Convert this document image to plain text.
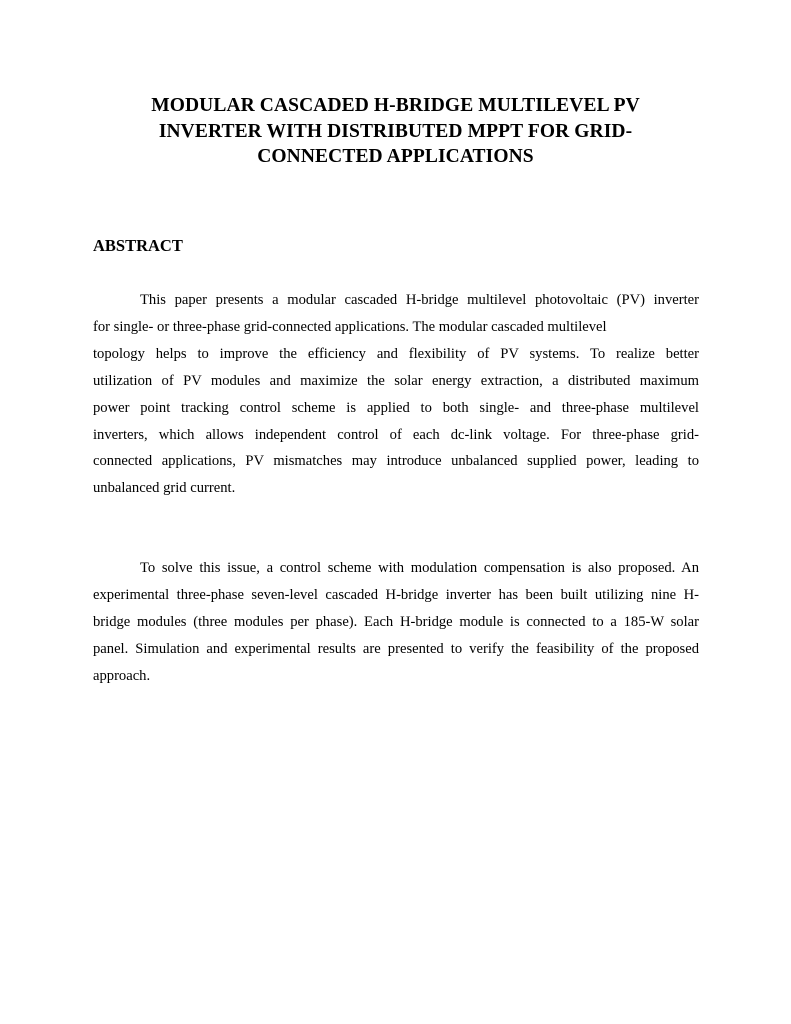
MODULAR CASCADED H-BRIDGE MULTILEVEL PV
INVERTER WITH DISTRIBUTED MPPT FOR GRID-
CONNECTED APPLICATIONS
ABSTRACT

This paper presents a modular cascaded H-bridge multilevel photovoltaic (PV) inverter
for single- or three-phase grid-connected applications. The modular cascaded multilevel
topology helps to improve the efficiency and flexibility of PV systems. To realize better
utilization of PV modules and maximize the solar energy extraction, a distributed maximum
power point tracking control scheme is applied to both single- and three-phase multilevel
inverters, which allows independent control of each dc-link voltage. For three-phase grid-
connected applications, PV mismatches may introduce unbalanced supplied power, leading to
unbalanced grid current.

To solve this issue, a control scheme with modulation compensation is also proposed. An
experimental three-phase seven-level cascaded H-bridge inverter has been built utilizing nine H-
bridge modules (three modules per phase). Each H-bridge module is connected to a 185-W solar
panel. Simulation and experimental results are presented to verify the feasibility of the proposed
approach.
